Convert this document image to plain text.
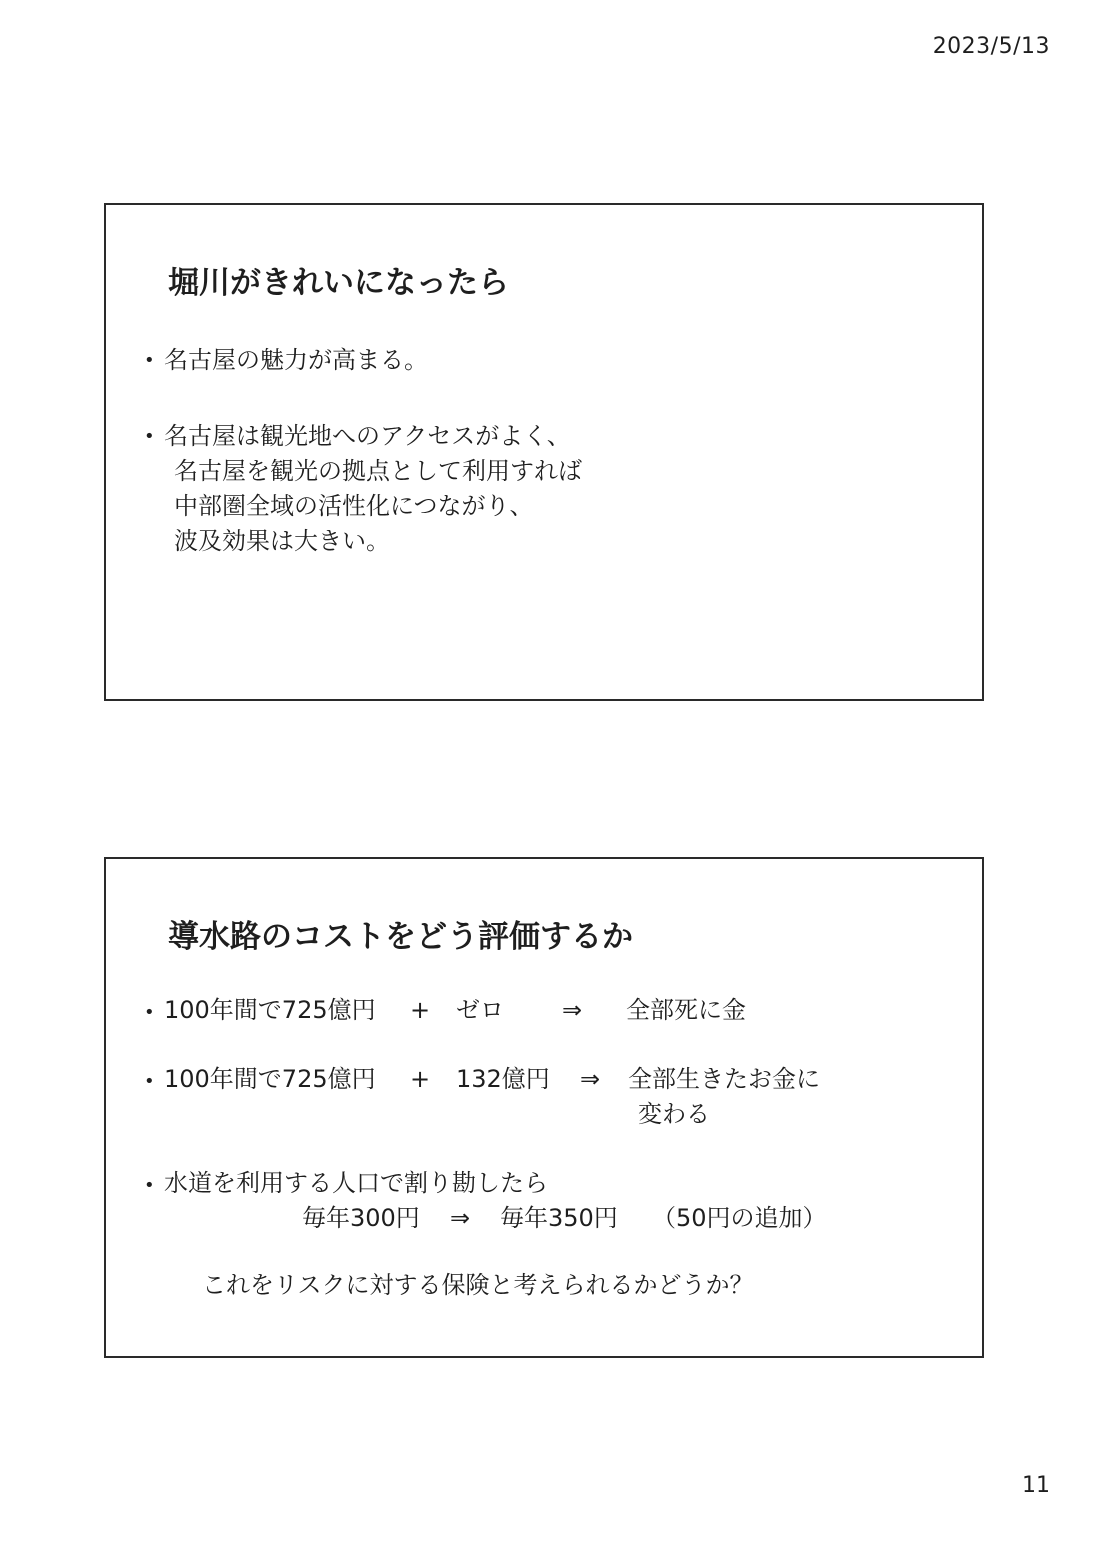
2023/5/13
堀川がきれいになったら
• 名古屋の魅力が高まる。
• 名古屋は観光地へのアクセスがよく、
名古屋を観光の拠点として利用すれば
中部圏全域の活性化につながり、
波及効果は大きい。
導水路のコストをどう評価するか
• 100年間で725億円 + ゼロ ⇒ 全部死に金
• 100年間で725億円 + 132億円 ⇒ 全部生きたお金に
変わる
• 水道を利用する人口で割り勘したら
毎年300円 ⇒ 毎年350円 （50円の追加）
これをリスクに対する保険と考えられるかどうか？
11
